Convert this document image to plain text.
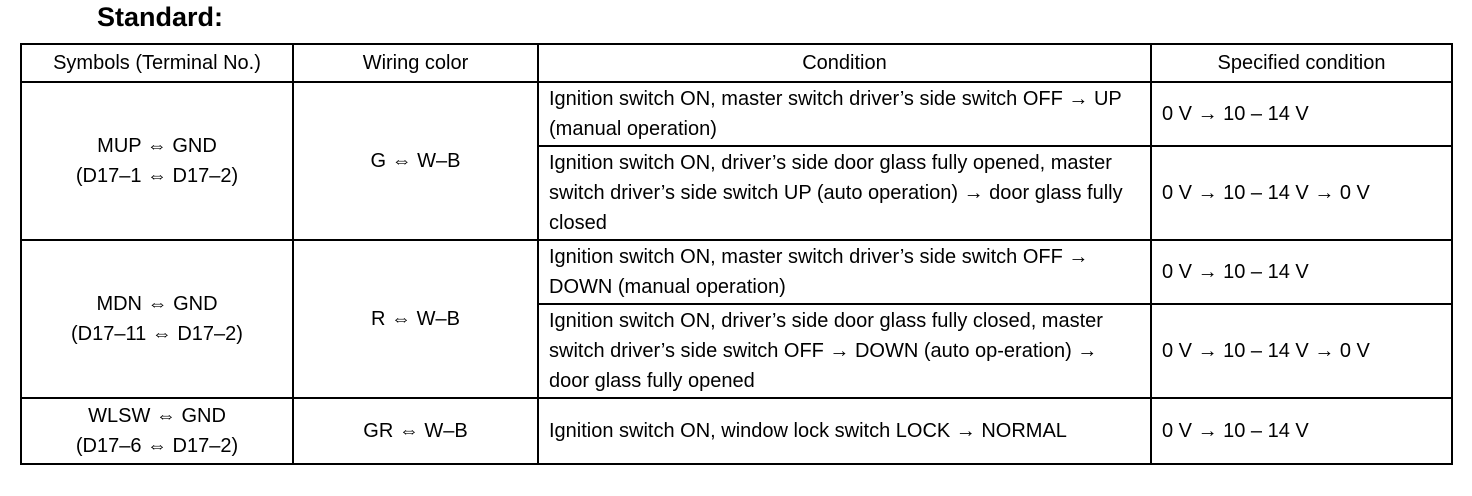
Standard:
Symbols (Terminal No.)	Wiring color	Condition	Specified condition

MUP ⇔ GND
(D17–1 ⇔ D17–2)	G ⇔ W–B	Ignition switch ON, master switch driver’s side switch OFF → UP (manual operation)	0 V → 10 – 14 V
		Ignition switch ON, driver’s side door glass fully opened, master switch driver’s side switch UP (auto operation) → door glass fully closed	0 V → 10 – 14 V → 0 V

MDN ⇔ GND
(D17–11 ⇔ D17–2)	R ⇔ W–B	Ignition switch ON, master switch driver’s side switch OFF → DOWN (manual operation)	0 V → 10 – 14 V
		Ignition switch ON, driver’s side door glass fully closed, master switch driver’s side switch OFF → DOWN (auto op-eration) → door glass fully opened	0 V → 10 – 14 V → 0 V

WLSW ⇔ GND
(D17–6 ⇔ D17–2)	GR ⇔ W–B	Ignition switch ON, window lock switch LOCK → NORMAL	0 V → 10 – 14 V
